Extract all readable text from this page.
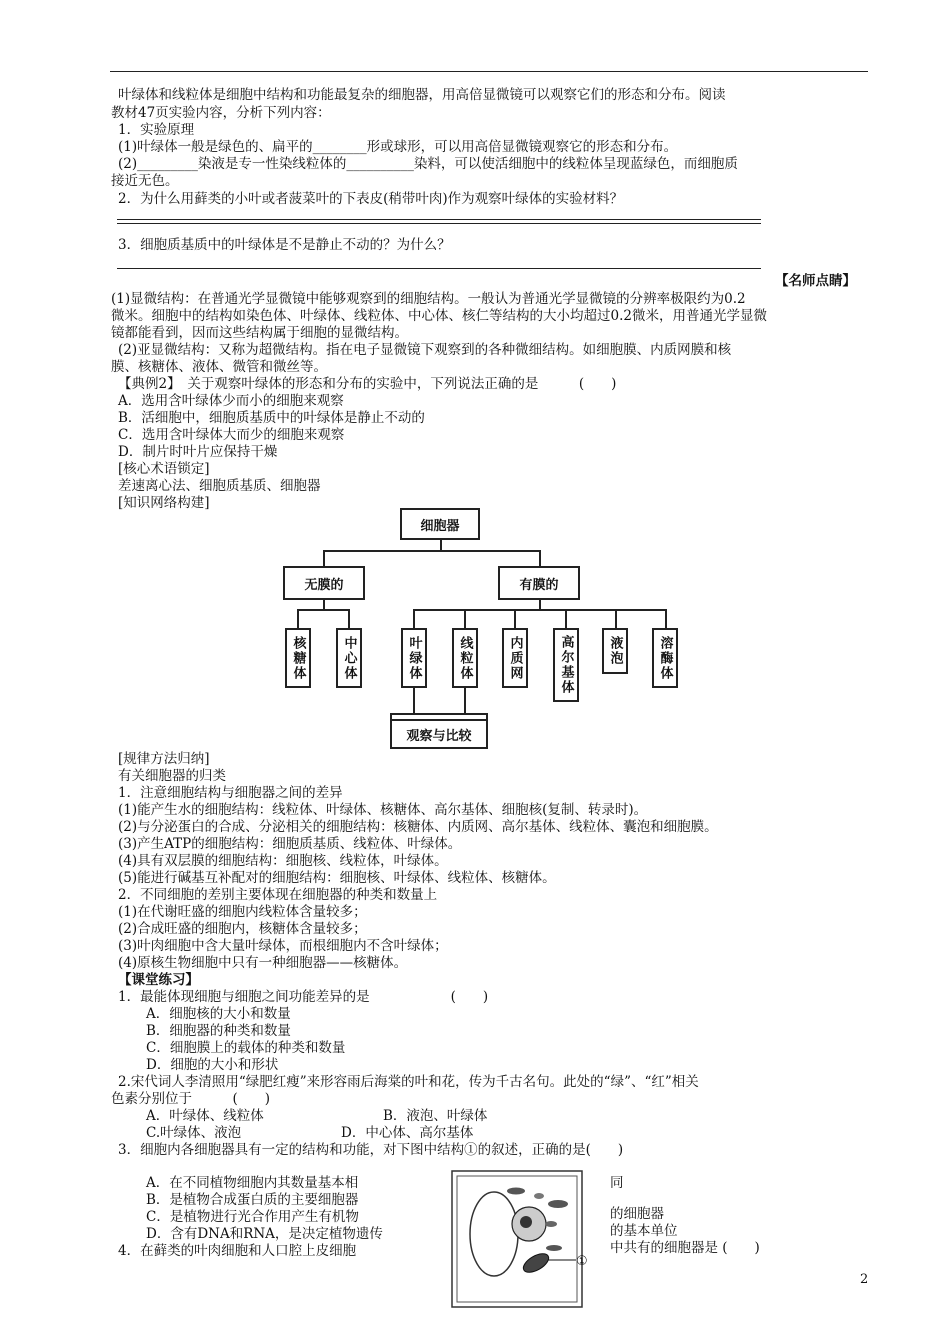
叶绿体和线粒体是细胞中结构和功能最复杂的细胞器，用高倍显微镜可以观察它们的形态和分布。阅读
教材47页实验内容，分析下列内容：
1．实验原理
(1)叶绿体一般是绿色的、扁平的________形或球形，可以用高倍显微镜观察它的形态和分布。
(2)_________染液是专一性染线粒体的__________染料，可以使活细胞中的线粒体呈现蓝绿色，而细胞质
接近无色。
2．为什么用藓类的小叶或者菠菜叶的下表皮(稍带叶肉)作为观察叶绿体的实验材料？
3．细胞质基质中的叶绿体是不是静止不动的？为什么？
【名师点睛】
(1)显微结构：在普通光学显微镜中能够观察到的细胞结构。一般认为普通光学显微镜的分辨率极限约为0.2
微米。细胞中的结构如染色体、叶绿体、线粒体、中心体、核仁等结构的大小均超过0.2微米，用普通光学显微
镜都能看到，因而这些结构属于细胞的显微结构。
(2)亚显微结构：又称为超微结构。指在电子显微镜下观察到的各种微细结构。如细胞膜、内质网膜和核
膜、核糖体、液体、微管和微丝等。
【典例2】　关于观察叶绿体的形态和分布的实验中，下列说法正确的是　　　(　　)
A．选用含叶绿体少而小的细胞来观察
B．活细胞中，细胞质基质中的叶绿体是静止不动的
C．选用含叶绿体大而少的细胞来观察
D．制片时叶片应保持干燥
[核心术语锁定]
差速离心法、细胞质基质、细胞器
[知识网络构建]
细胞器
无膜的	有膜的
核糖体	中心体	叶绿体	线粒体	内质网	高尔基体	液泡	溶酶体
观察与比较
[规律方法归纳]
有关细胞器的归类
1．注意细胞结构与细胞器之间的差异
(1)能产生水的细胞结构：线粒体、叶绿体、核糖体、高尔基体、细胞核(复制、转录时)。
(2)与分泌蛋白的合成、分泌相关的细胞结构：核糖体、内质网、高尔基体、线粒体、囊泡和细胞膜。
(3)产生ATP的细胞结构：细胞质基质、线粒体、叶绿体。
(4)具有双层膜的细胞结构：细胞核、线粒体，叶绿体。
(5)能进行碱基互补配对的细胞结构：细胞核、叶绿体、线粒体、核糖体。
2．不同细胞的差别主要体现在细胞器的种类和数量上
(1)在代谢旺盛的细胞内线粒体含量较多；
(2)合成旺盛的细胞内，核糖体含量较多；
(3)叶肉细胞中含大量叶绿体，而根细胞内不含叶绿体；
(4)原核生物细胞中只有一种细胞器——核糖体。
【课堂练习】
1．最能体现细胞与细胞之间功能差异的是　　　　　　(　　)
A．细胞核的大小和数量
B．细胞器的种类和数量
C．细胞膜上的载体的种类和数量
D．细胞的大小和形状
2.宋代词人李清照用“绿肥红瘦”来形容雨后海棠的叶和花，传为千古名句。此处的“绿”、“红”相关
色素分别位于　　　(　　)
A．叶绿体、线粒体	B．液泡、叶绿体
C.叶绿体、液泡	D．中心体、高尔基体
3．细胞内各细胞器具有一定的结构和功能，对下图中结构①的叙述，正确的是(　　)
A．在不同植物细胞内其数量基本相
B．是植物合成蛋白质的主要细胞器
C．是植物进行光合作用产生有机物
D．含有DNA和RNA，是决定植物遗传
同
的细胞器
的基本单位
4．在藓类的叶肉细胞和人口腔上皮细胞	中共有的细胞器是 (　　)
①
2
